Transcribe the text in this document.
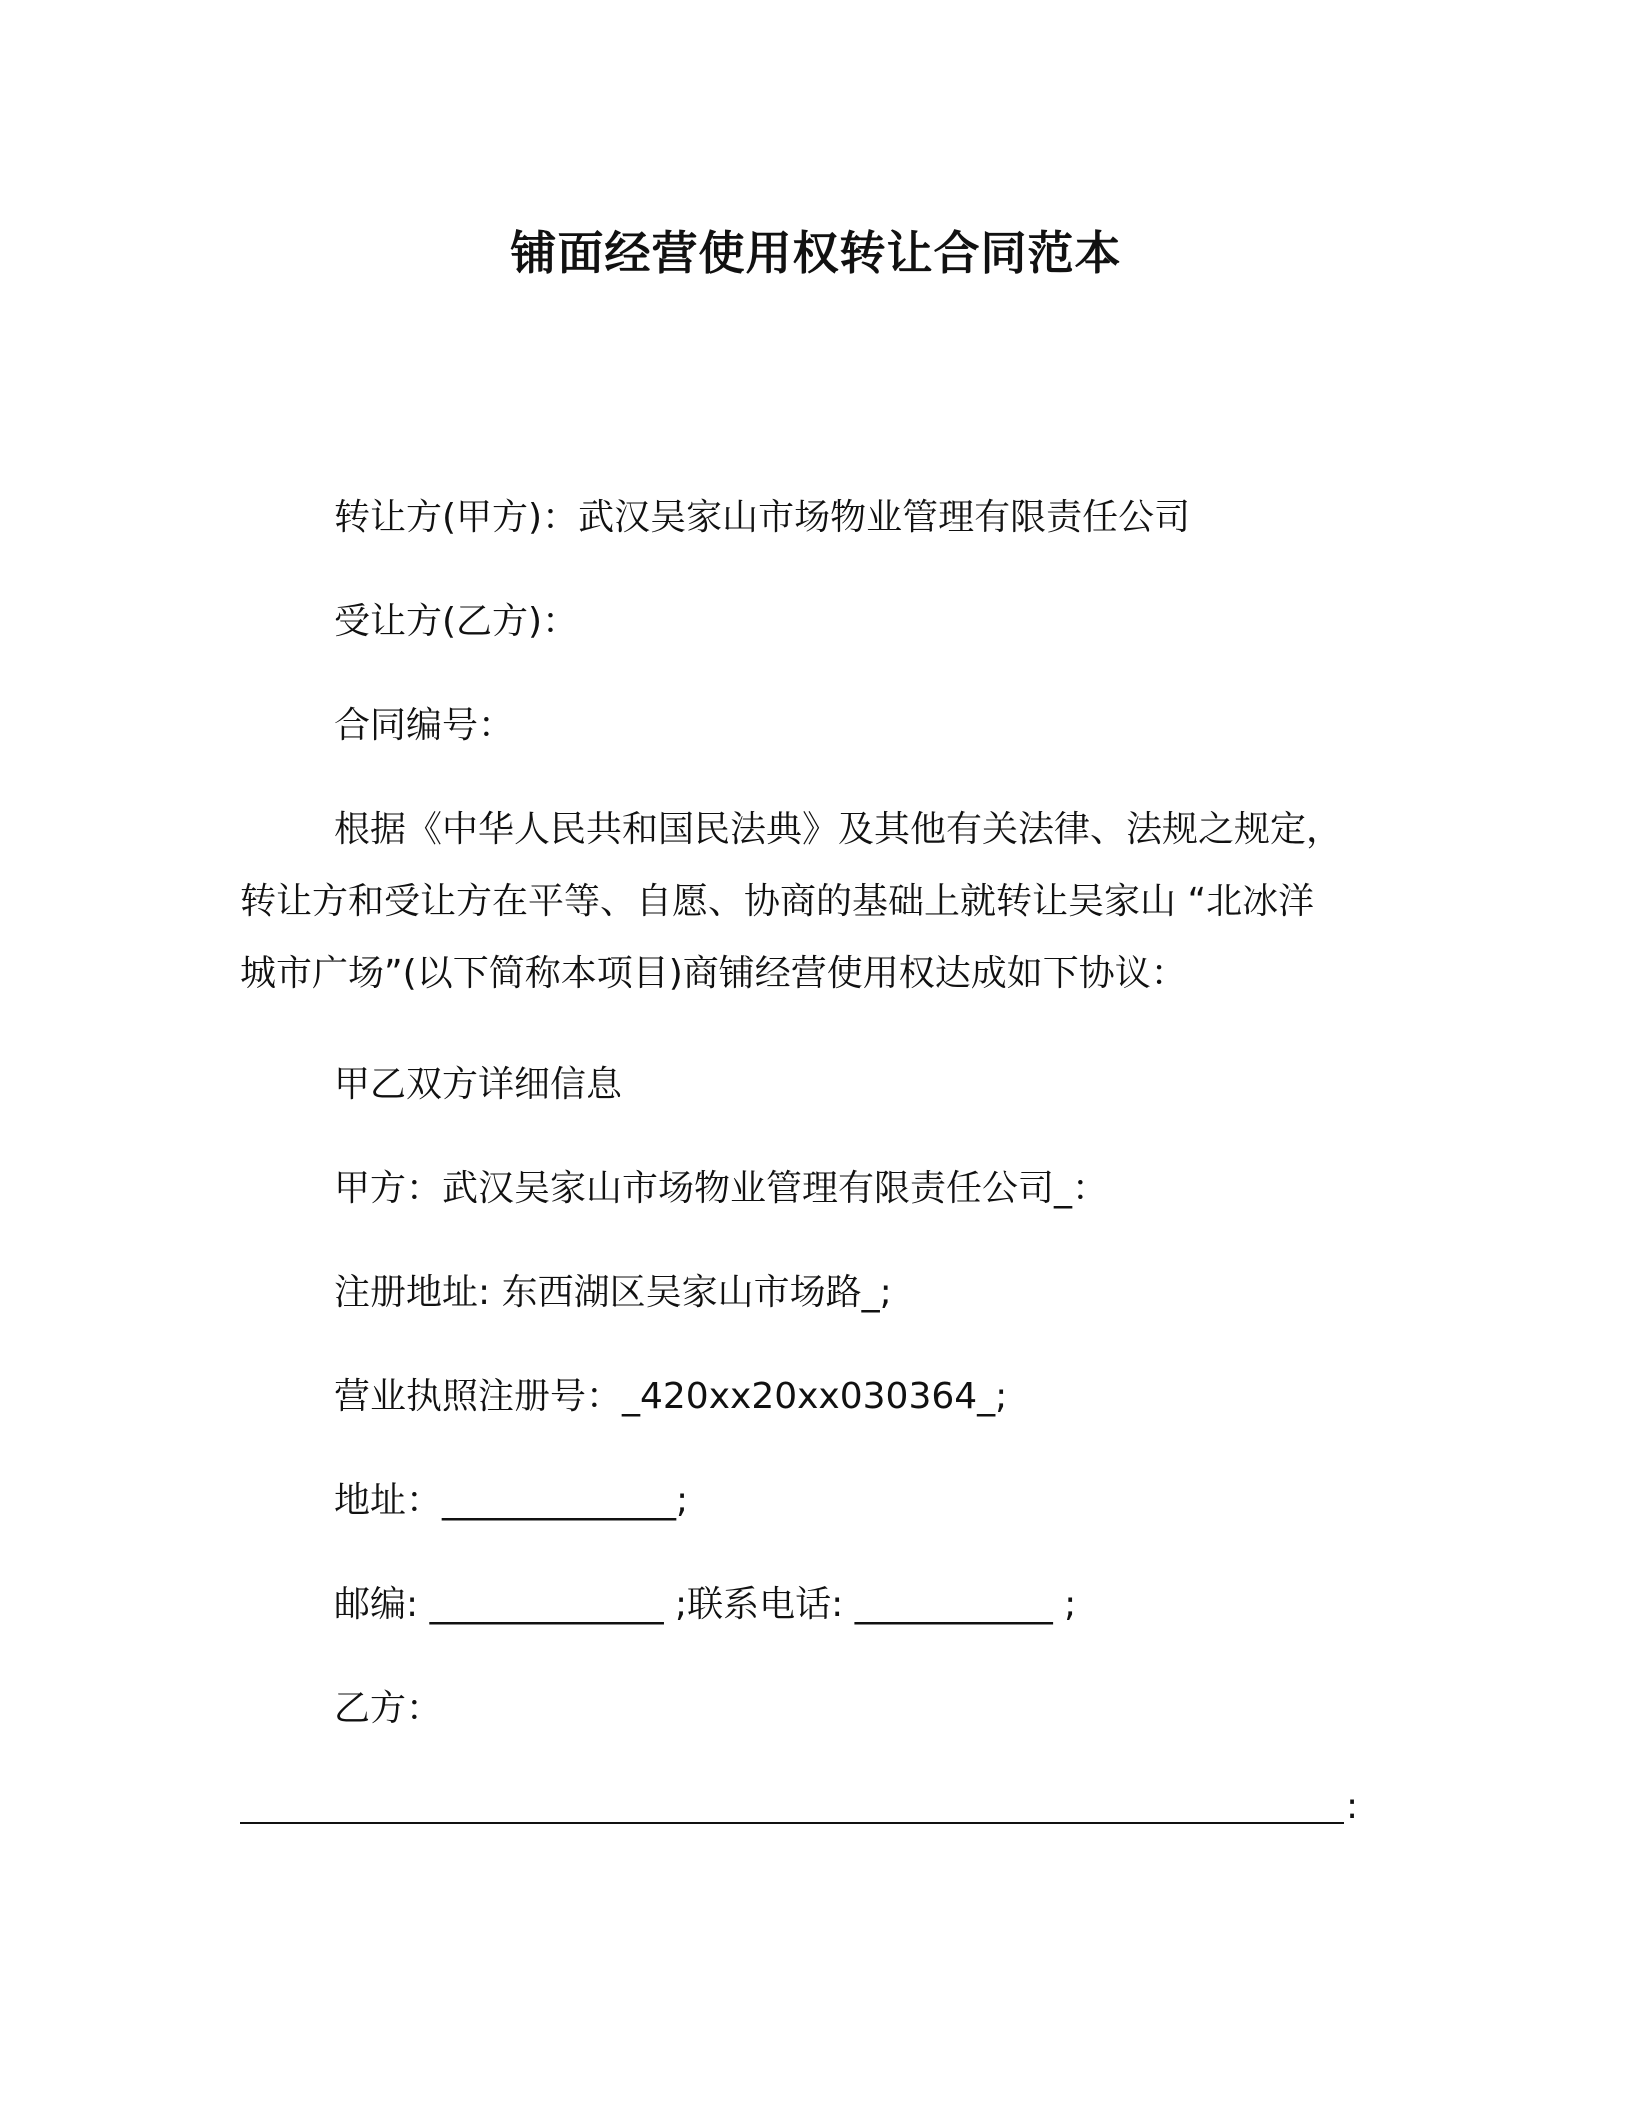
铺面经营使用权转让合同范本
转让方(甲方)：武汉吴家山市场物业管理有限责任公司
受让方(乙方)：
合同编号：
根据《中华人民共和国民法典》及其他有关法律、法规之规定，
转让方和受让方在平等、自愿、协商的基础上就转让吴家山 “北冰洋
城市广场”(以下简称本项目)商铺经营使用权达成如下协议：
甲乙双方详细信息
甲方：武汉吴家山市场物业管理有限责任公司_：
注册地址: 东西湖区吴家山市场路_;
营业执照注册号：_420xx20xx030364_;
地址：_____________;
邮编: _____________ ;联系电话: ___________ ;
乙方：
:
